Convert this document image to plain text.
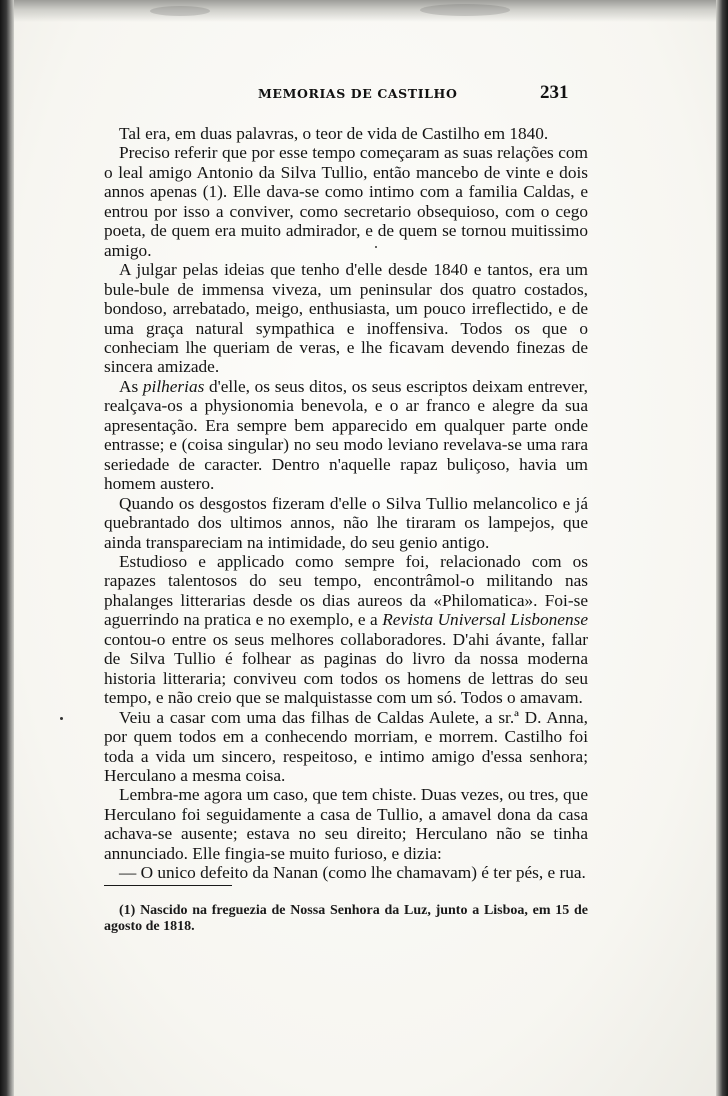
MEMORIAS DE CASTILHO	231

Tal era, em duas palavras, o teor de vida de Castilho em 1840.

Preciso referir que por esse tempo começaram as suas relações com o leal amigo Antonio da Silva Tullio, então mancebo de vinte e dois annos apenas (1). Elle dava-se como intimo com a familia Caldas, e entrou por isso a conviver, como secretario obsequioso, com o cego poeta, de quem era muito admirador, e de quem se tornou muitissimo amigo.

A julgar pelas ideias que tenho d'elle desde 1840 e tantos, era um bule-bule de immensa viveza, um peninsular dos quatro costados, bondoso, arrebatado, meigo, enthusiasta, um pouco irreflectido, e de uma graça natural sympathica e inoffensiva. Todos os que o conheciam lhe queriam de veras, e lhe ficavam devendo finezas de sincera amizade.

As pilherias d'elle, os seus ditos, os seus escriptos deixam entrever, realçava-os a physionomia benevola, e o ar franco e alegre da sua apresentação. Era sempre bem apparecido em qualquer parte onde entrasse; e (coisa singular) no seu modo leviano revelava-se uma rara seriedade de caracter. Dentro n'aquelle rapaz buliçoso, havia um homem austero.

Quando os desgostos fizeram d'elle o Silva Tullio melancolico e já quebrantado dos ultimos annos, não lhe tiraram os lampejos, que ainda transpareciam na intimidade, do seu genio antigo.

Estudioso e applicado como sempre foi, relacionado com os rapazes talentosos do seu tempo, encontrâmol-o militando nas phalanges litterarias desde os dias aureos da «Philomatica». Foi-se aguerrindo na pratica e no exemplo, e a Revista Universal Lisbonense contou-o entre os seus melhores collaboradores. D'ahi ávante, fallar de Silva Tullio é folhear as paginas do livro da nossa moderna historia litteraria; conviveu com todos os homens de lettras do seu tempo, e não creio que se malquistasse com um só. Todos o amavam.

Veiu a casar com uma das filhas de Caldas Aulete, a sr.ª D. Anna, por quem todos em a conhecendo morriam, e morrem. Castilho foi toda a vida um sincero, respeitoso, e intimo amigo d'essa senhora; Herculano a mesma coisa.

Lembra-me agora um caso, que tem chiste. Duas vezes, ou tres, que Herculano foi seguidamente a casa de Tullio, a amavel dona da casa achava-se ausente; estava no seu direito; Herculano não se tinha annunciado. Elle fingia-se muito furioso, e dizia:

— O unico defeito da Nanan (como lhe chamavam) é ter pés, e rua.

(1) Nascido na freguezia de Nossa Senhora da Luz, junto a Lisboa, em 15 de agosto de 1818.
